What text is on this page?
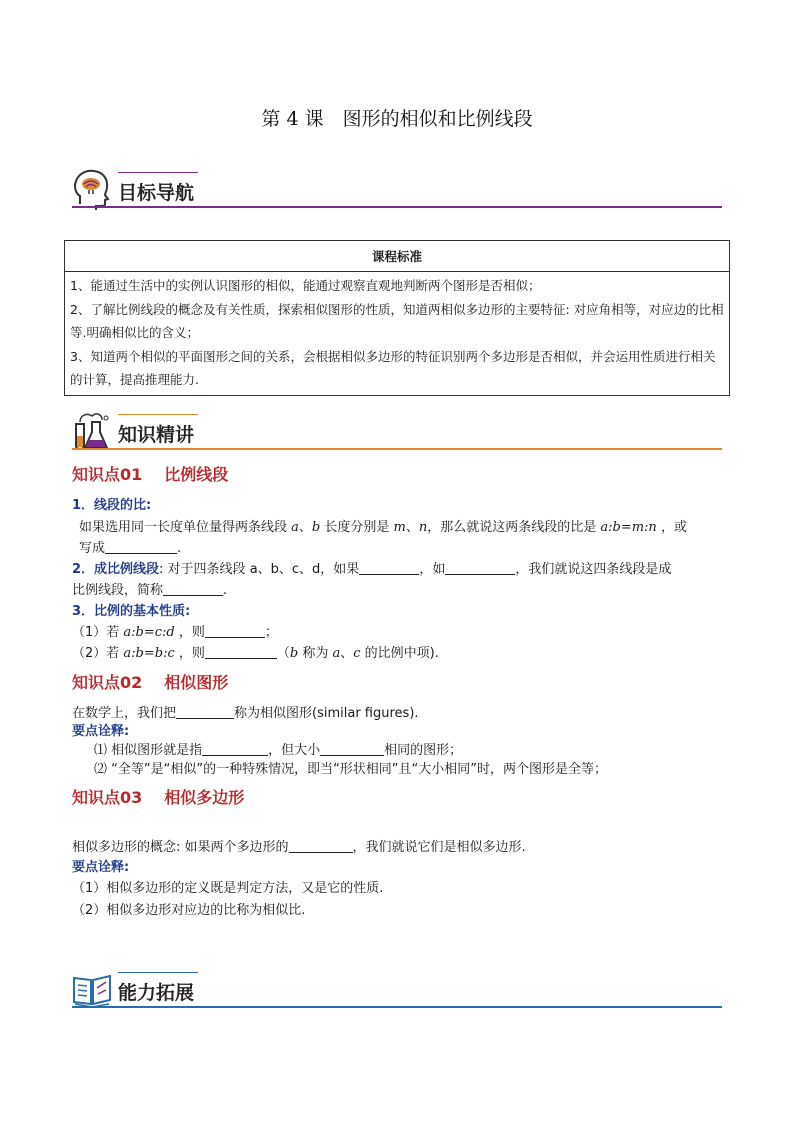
第 4 课　图形的相似和比例线段
目标导航
课程标准

1、能通过生活中的实例认识图形的相似，能通过观察直观地判断两个图形是否相似；
2、了解比例线段的概念及有关性质，探索相似图形的性质，知道两相似多边形的主要特征: 对应角相等，对应边的比相等.明确相似比的含义；
3、知道两个相似的平面图形之间的关系，会根据相似多边形的特征识别两个多边形是否相似，并会运用性质进行相关的计算，提高推理能力.
知识精讲
知识点01 比例线段
1．线段的比:
如果选用同一长度单位量得两条线段 a、b 长度分别是 m、n，那么就说这两条线段的比是 a:b=m:n ，或
写成	.
2．成比例线段: 对于四条线段 a、b、c、d，如果	，如	，我们就说这四条线段是成
比例线段，简称	.
3．比例的基本性质:
（1）若 a:b=c:d ，则	；
（2）若 a:b=b:c ，则	（b 称为 a、c 的比例中项).
知识点02 相似图形
在数学上，我们把	称为相似图形(similar figures).
要点诠释:
⑴ 相似图形就是指	，但大小	相同的图形；
⑵ “全等”是“相似”的一种特殊情况，即当“形状相同”且“大小相同”时，两个图形是全等；
知识点03 相似多边形
相似多边形的概念: 如果两个多边形的	，我们就说它们是相似多边形.
要点诠释:
（1）相似多边形的定义既是判定方法，又是它的性质.
（2）相似多边形对应边的比称为相似比.
能力拓展
